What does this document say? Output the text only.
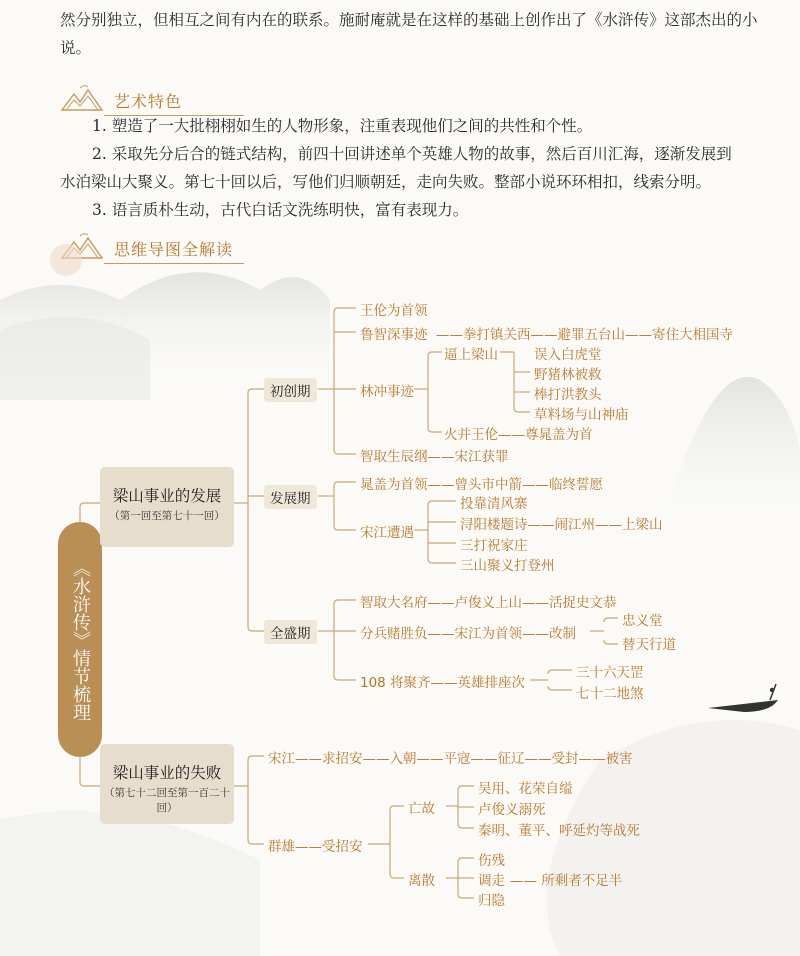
然分别独立，但相互之间有内在的联系。施耐庵就是在这样的基础上创作出了《水浒传》这部杰出的小说。
艺术特色
1. 塑造了一大批栩栩如生的人物形象，注重表现他们之间的共性和个性。
2. 采取先分后合的链式结构，前四十回讲述单个英雄人物的故事，然后百川汇海，逐渐发展到
水泊梁山大聚义。第七十回以后，写他们归顺朝廷，走向失败。整部小说环环相扣，线索分明。
3. 语言质朴生动，古代白话文洗练明快，富有表现力。
思维导图全解读
《水浒传》情节梳理
梁山事业的发展
（第一回至第七十一回）
梁山事业的失败
（第七十二回至第一百二十回）
初创期
发展期
全盛期
王伦为首领
鲁智深事迹 ——拳打镇关西——避罪五台山——寄住大相国寺
林冲事迹
逼上梁山	误入白虎堂
野猪林被救
棒打洪教头
草料场与山神庙
火并王伦——尊晁盖为首
智取生辰纲——宋江获罪
晁盖为首领——曾头市中箭——临终誓愿
宋江遭遇
投靠清风寨
浔阳楼题诗——闹江州——上梁山
三打祝家庄
三山聚义打登州
智取大名府——卢俊义上山——活捉史文恭
分兵赌胜负——宋江为首领——改制
忠义堂
替天行道
108 将聚齐——英雄排座次
三十六天罡
七十二地煞
宋江——求招安——入朝——平寇——征辽——受封——被害
群雄——受招安
亡故
吴用、花荣自缢
卢俊义溺死
秦明、董平、呼延灼等战死
离散
伤残
调走 —— 所剩者不足半
归隐
